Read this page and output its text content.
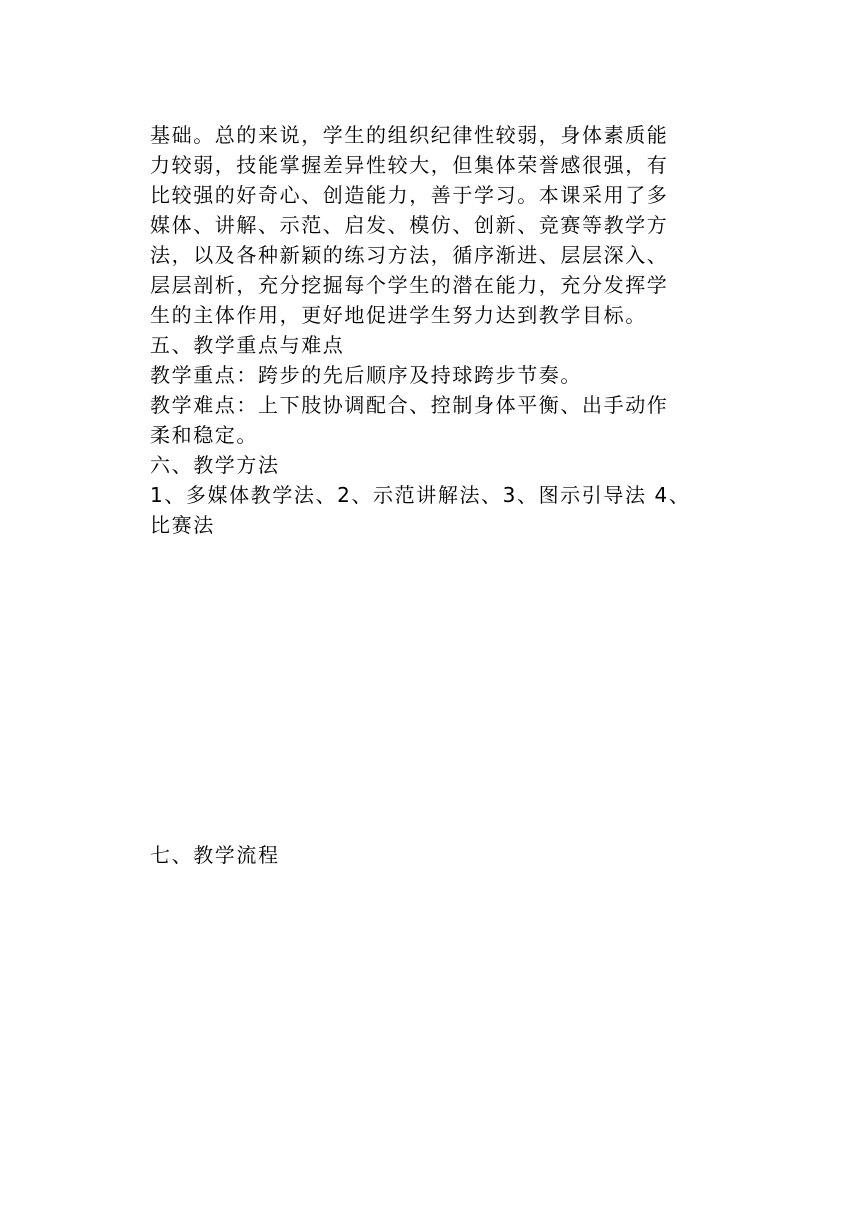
基础。总的来说，学生的组织纪律性较弱，身体素质能
力较弱，技能掌握差异性较大，但集体荣誉感很强，有
比较强的好奇心、创造能力，善于学习。本课采用了多
媒体、讲解、示范、启发、模仿、创新、竞赛等教学方
法，以及各种新颖的练习方法，循序渐进、层层深入、
层层剖析，充分挖掘每个学生的潜在能力，充分发挥学
生的主体作用，更好地促进学生努力达到教学目标。
五、教学重点与难点
教学重点：跨步的先后顺序及持球跨步节奏。
教学难点：上下肢协调配合、控制身体平衡、出手动作
柔和稳定。
六、教学方法
1、多媒体教学法、2、示范讲解法、3、图示引导法 4、
比赛法
七、教学流程
